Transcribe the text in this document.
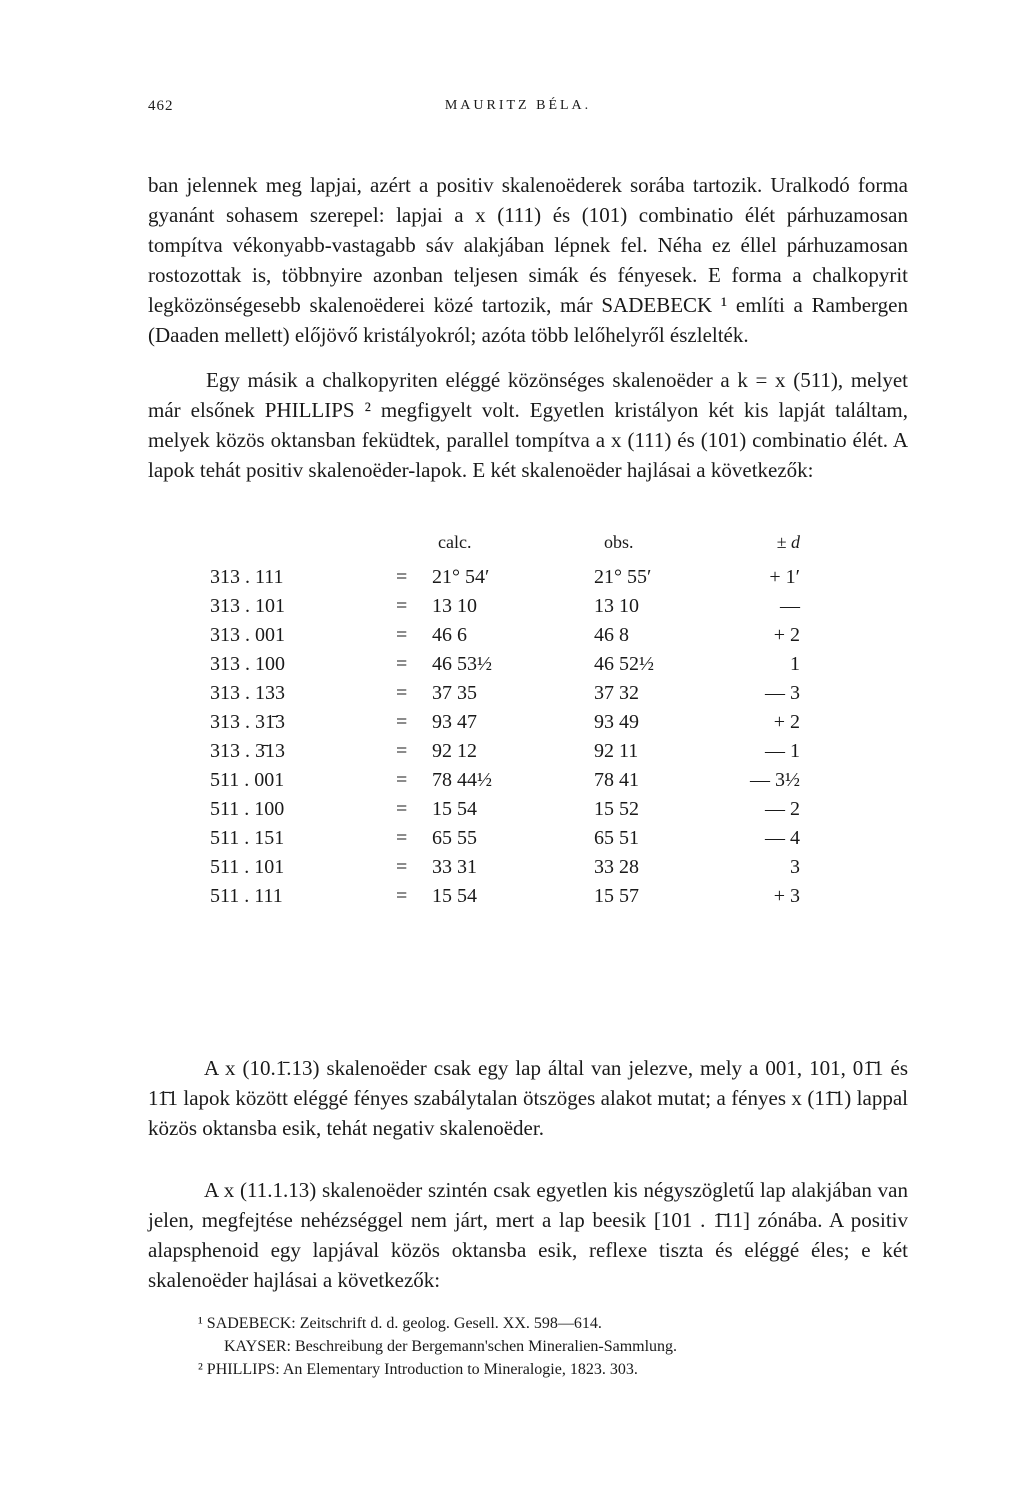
462	MAURITZ BÉLA.

ban jelennek meg lapjai, azért a positiv skalenoëderek sorába tartozik. Uralkodó forma gyanánt sohasem szerepel: lapjai a x (111) és (101) combinatio élét párhuzamosan tompítva vékonyabb-vastagabb sáv alakjában lépnek fel. Néha ez éllel párhuzamosan rostozottak is, többnyire azonban teljesen simák és fényesek. E forma a chalkopyrit legközönségesebb skalenoëderei közé tartozik, már SADEBECK ¹ említi a Rambergen (Daaden mellett) előjövő kristályokról; azóta több lelőhelyről észlelték.

Egy másik a chalkopyriten eléggé közönséges skalenoëder a k = x (511), melyet már elsőnek PHILLIPS ² megfigyelt volt. Egyetlen kristályon két kis lapját találtam, melyek közös oktansban feküdtek, parallel tompítva a x (111) és (101) combinatio élét. A lapok tehát positiv skalenoëder-lapok. E két skalenoëder hajlásai a következők:

calc.	obs.	± d
313 . 111	= 21° 54′	21° 55′	+ 1′
313 . 101	= 13 10	13 10	—
313 . 001	= 46 6	46 8	+ 2
313 . 100	= 46 53½	46 52½	1
313 . 133	= 37 35	37 32	— 3
313 . 31̄3	= 93 47	93 49	+ 2
313 . 3̄13	= 92 12	92 11	— 1
511 . 001	= 78 44½	78 41	— 3½
511 . 100	= 15 54	15 52	— 2
511 . 151	= 65 55	65 51	— 4
511 . 101	= 33 31	33 28	3
511 . 111	= 15 54	15 57	+ 3

A x (10.1̄.13) skalenoëder csak egy lap által van jelezve, mely a 001, 101, 01̄1 és 11̄1 lapok között eléggé fényes szabálytalan ötszöges alakot mutat; a fényes x (11̄1) lappal közös oktansba esik, tehát negativ skalenoëder.

A x (11.1.13) skalenoëder szintén csak egyetlen kis négyszögletű lap alakjában van jelen, megfejtése nehézséggel nem járt, mert a lap beesik [101 . 1̄11] zónába. A positiv alapsphenoid egy lapjával közös oktansba esik, reflexe tiszta és eléggé éles; e két skalenoëder hajlásai a következők:

¹ SADEBECK: Zeitschrift d. d. geolog. Gesell. XX. 598—614.

KAYSER: Beschreibung der Bergemann'schen Mineralien-Sammlung.

² PHILLIPS: An Elementary Introduction to Mineralogie, 1823. 303.
